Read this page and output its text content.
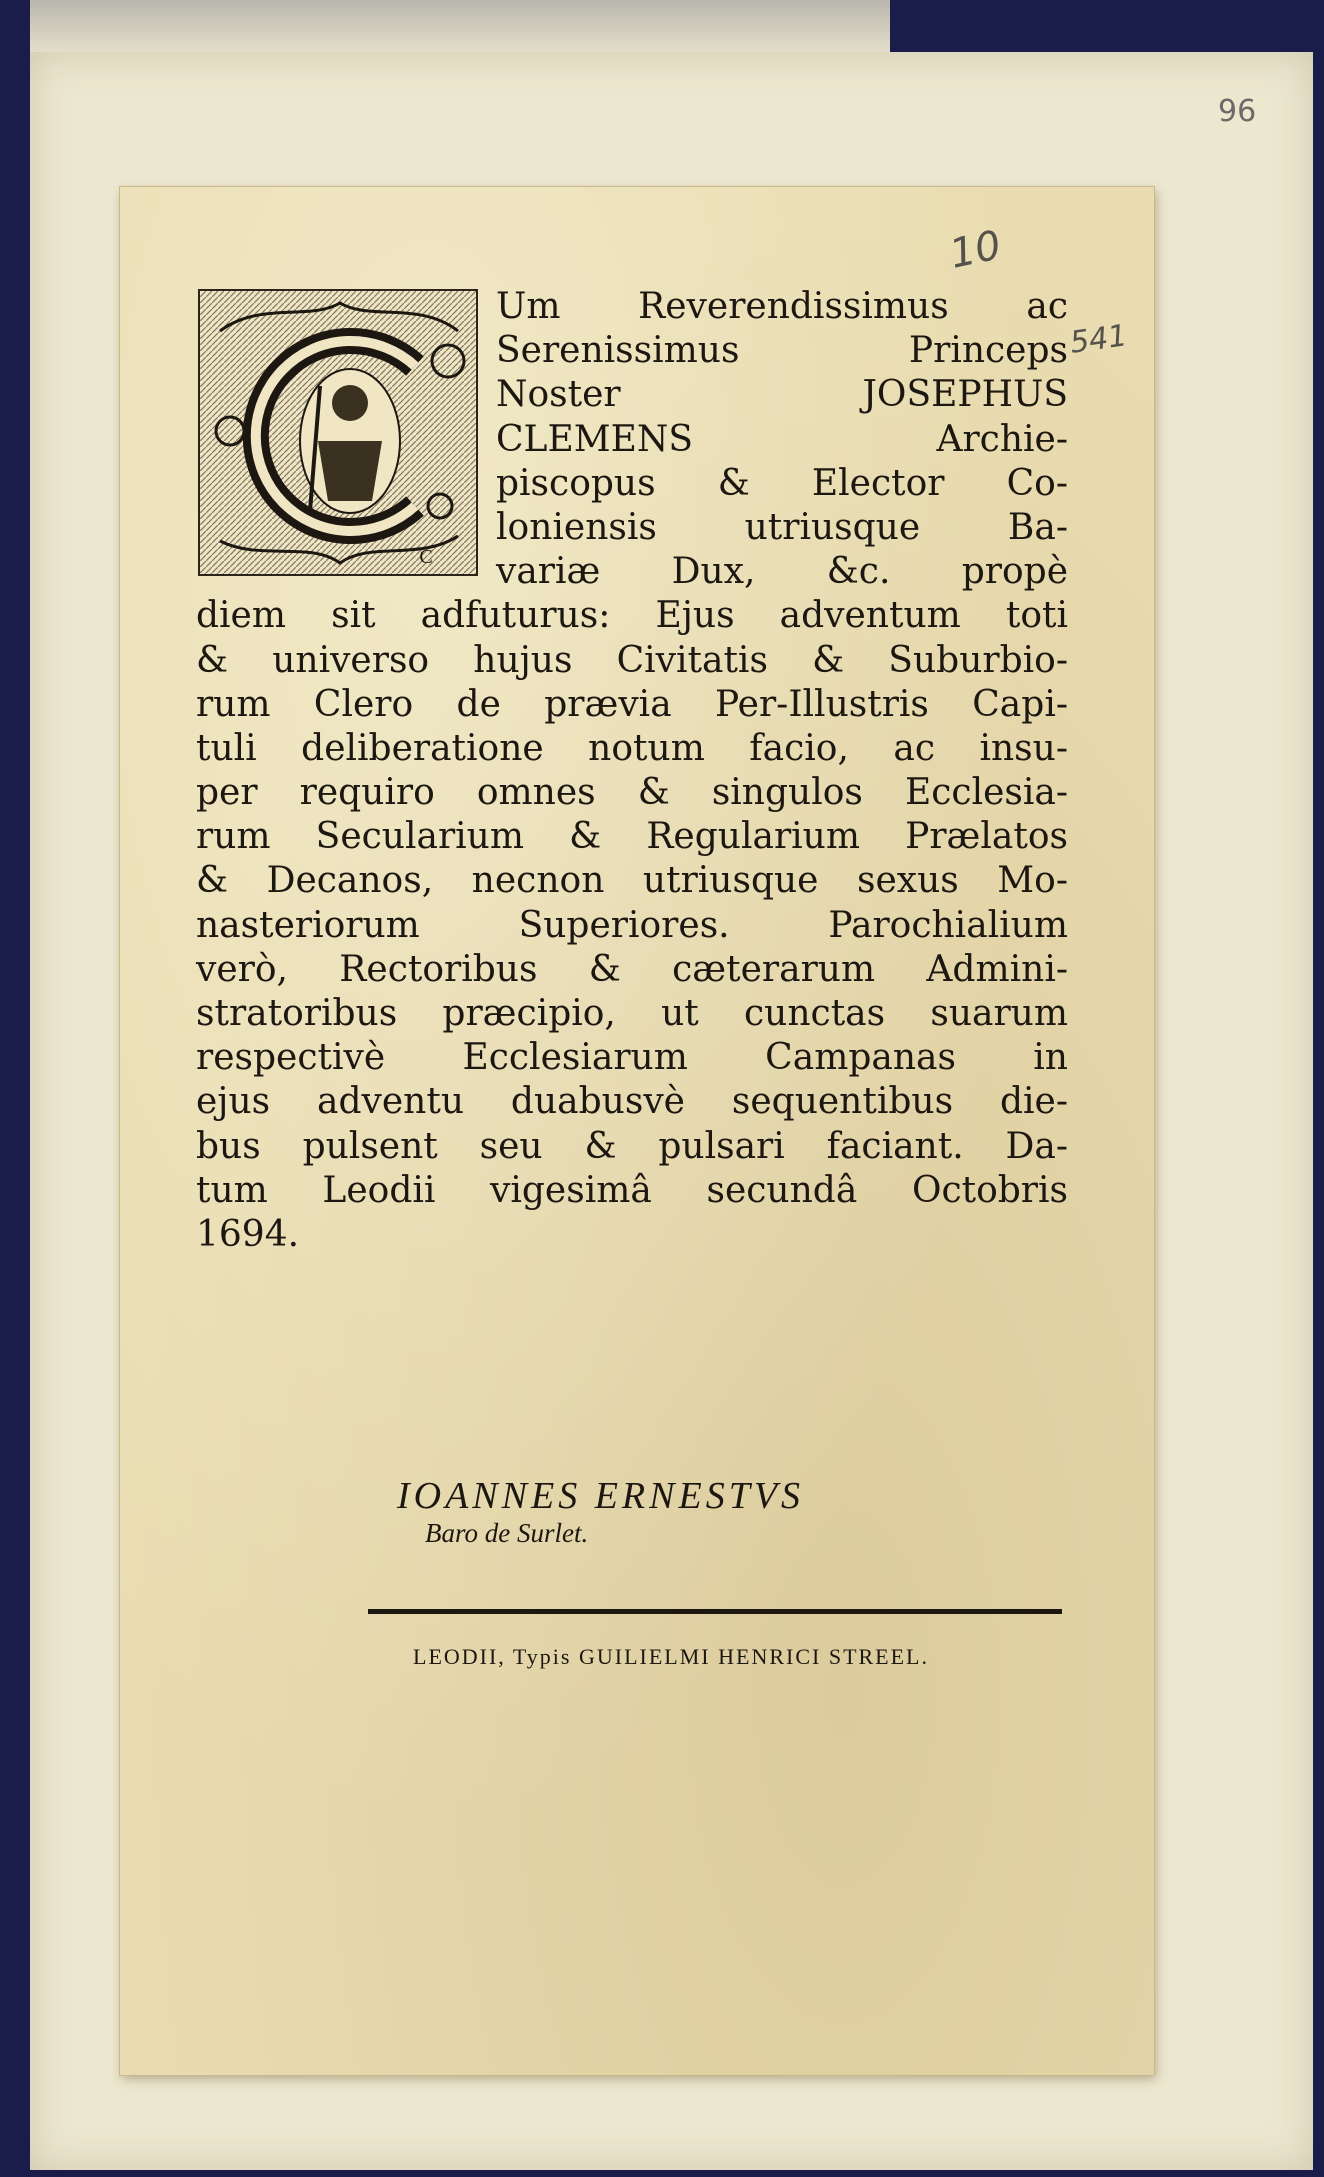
96
10
541
C
Um Reverendissimus ac
Serenissimus Princeps
Noster JOSEPHUS
CLEMENS Archie-
piscopus & Elector Co-
loniensis utriusque Ba-
variæ Dux, &c. propè
diem sit adfuturus: Ejus adventum toti
& universo hujus Civitatis & Suburbio-
rum Clero de prævia Per-Illustris Capi-
tuli deliberatione notum facio, ac insu-
per requiro omnes & singulos Ecclesia-
rum Secularium & Regularium Prælatos
& Decanos, necnon utriusque sexus Mo-
nasteriorum Superiores. Parochialium
verò, Rectoribus & cæterarum Admini-
stratoribus præcipio, ut cunctas suarum
respectivè Ecclesiarum Campanas in
ejus adventu duabusvè sequentibus die-
bus pulsent seu & pulsari faciant. Da-
tum Leodii vigesimâ secundâ Octobris
1694.
IOANNES ERNESTVS
Baro de Surlet.
LEODII, Typis GUILIELMI HENRICI STREEL.
